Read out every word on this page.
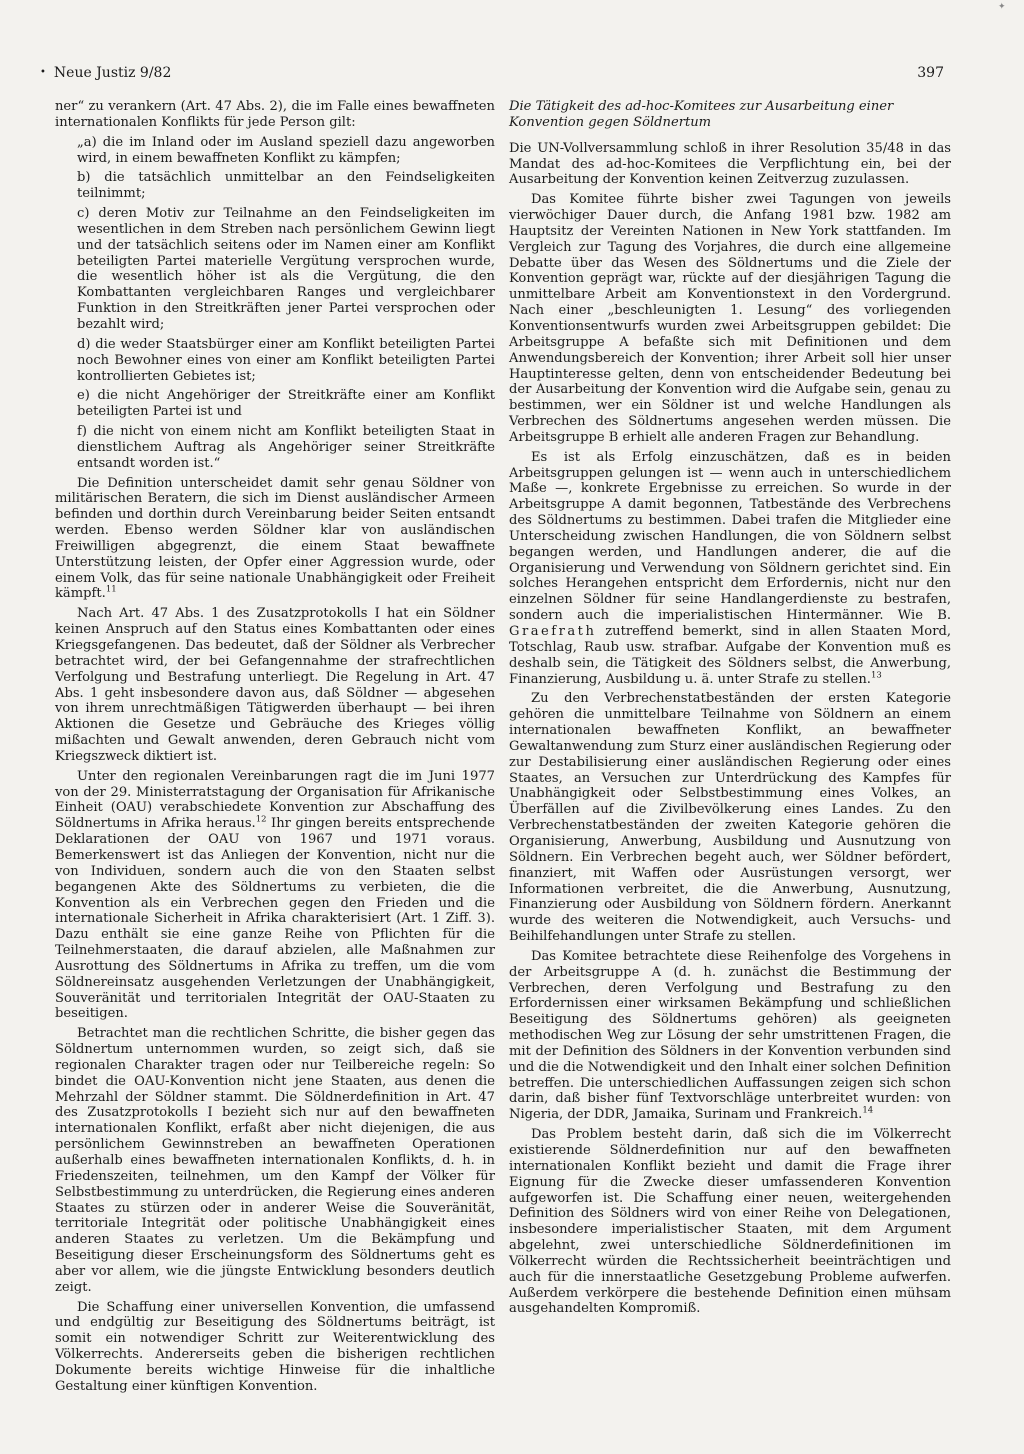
• Neue Justiz 9/82	397

ner“ zu verankern (Art. 47 Abs. 2), die im Falle eines bewaffneten internationalen Konflikts für jede Person gilt:

„a) die im Inland oder im Ausland speziell dazu angeworben wird, in einem bewaffneten Konflikt zu kämpfen;

b) die tatsächlich unmittelbar an den Feindseligkeiten teilnimmt;

c) deren Motiv zur Teilnahme an den Feindseligkeiten im wesentlichen in dem Streben nach persönlichem Gewinn liegt und der tatsächlich seitens oder im Namen einer am Konflikt beteiligten Partei materielle Vergütung versprochen wurde, die wesentlich höher ist als die Vergütung, die den Kombattanten vergleichbaren Ranges und vergleichbarer Funktion in den Streitkräften jener Partei versprochen oder bezahlt wird;

d) die weder Staatsbürger einer am Konflikt beteiligten Partei noch Bewohner eines von einer am Konflikt beteiligten Partei kontrollierten Gebietes ist;

e) die nicht Angehöriger der Streitkräfte einer am Konflikt beteiligten Partei ist und

f) die nicht von einem nicht am Konflikt beteiligten Staat in dienstlichem Auftrag als Angehöriger seiner Streitkräfte entsandt worden ist.“

Die Definition unterscheidet damit sehr genau Söldner von militärischen Beratern, die sich im Dienst ausländischer Armeen befinden und dorthin durch Vereinbarung beider Seiten entsandt werden. Ebenso werden Söldner klar von ausländischen Freiwilligen abgegrenzt, die einem Staat bewaffnete Unterstützung leisten, der Opfer einer Aggression wurde, oder einem Volk, das für seine nationale Unabhängigkeit oder Freiheit kämpft.$^{11}$

Nach Art. 47 Abs. 1 des Zusatzprotokolls I hat ein Söldner keinen Anspruch auf den Status eines Kombattanten oder eines Kriegsgefangenen. Das bedeutet, daß der Söldner als Verbrecher betrachtet wird, der bei Gefangennahme der strafrechtlichen Verfolgung und Bestrafung unterliegt. Die Regelung in Art. 47 Abs. 1 geht insbesondere davon aus, daß Söldner — abgesehen von ihrem unrechtmäßigen Tätigwerden überhaupt — bei ihren Aktionen die Gesetze und Gebräuche des Krieges völlig mißachten und Gewalt anwenden, deren Gebrauch nicht vom Kriegszweck diktiert ist.

Unter den regionalen Vereinbarungen ragt die im Juni 1977 von der 29. Ministerratstagung der Organisation für Afrikanische Einheit (OAU) verabschiedete Konvention zur Abschaffung des Söldnertums in Afrika heraus.$^{12}$ Ihr gingen bereits entsprechende Deklarationen der OAU von 1967 und 1971 voraus. Bemerkenswert ist das Anliegen der Konvention, nicht nur die von Individuen, sondern auch die von den Staaten selbst begangenen Akte des Söldnertums zu verbieten, die die Konvention als ein Verbrechen gegen den Frieden und die internationale Sicherheit in Afrika charakterisiert (Art. 1 Ziff. 3). Dazu enthält sie eine ganze Reihe von Pflichten für die Teilnehmerstaaten, die darauf abzielen, alle Maßnahmen zur Ausrottung des Söldnertums in Afrika zu treffen, um die vom Söldnereinsatz ausgehenden Verletzungen der Unabhängigkeit, Souveränität und territorialen Integrität der OAU-Staaten zu beseitigen.

Betrachtet man die rechtlichen Schritte, die bisher gegen das Söldnertum unternommen wurden, so zeigt sich, daß sie regionalen Charakter tragen oder nur Teilbereiche regeln: So bindet die OAU-Konvention nicht jene Staaten, aus denen die Mehrzahl der Söldner stammt. Die Söldnerdefinition in Art. 47 des Zusatzprotokolls I bezieht sich nur auf den bewaffneten internationalen Konflikt, erfaßt aber nicht diejenigen, die aus persönlichem Gewinnstreben an bewaffneten Operationen außerhalb eines bewaffneten internationalen Konflikts, d. h. in Friedenszeiten, teilnehmen, um den Kampf der Völker für Selbstbestimmung zu unterdrücken, die Regierung eines anderen Staates zu stürzen oder in anderer Weise die Souveränität, territoriale Integrität oder politische Unabhängigkeit eines anderen Staates zu verletzen. Um die Bekämpfung und Beseitigung dieser Erscheinungsform des Söldnertums geht es aber vor allem, wie die jüngste Entwicklung besonders deutlich zeigt.

Die Schaffung einer universellen Konvention, die umfassend und endgültig zur Beseitigung des Söldnertums beiträgt, ist somit ein notwendiger Schritt zur Weiterentwicklung des Völkerrechts. Andererseits geben die bisherigen rechtlichen Dokumente bereits wichtige Hinweise für die inhaltliche Gestaltung einer künftigen Konvention.

Die Tätigkeit des ad-hoc-Komitees zur Ausarbeitung einer Konvention gegen Söldnertum

Die UN-Vollversammlung schloß in ihrer Resolution 35/48 in das Mandat des ad-hoc-Komitees die Verpflichtung ein, bei der Ausarbeitung der Konvention keinen Zeitverzug zuzulassen.

Das Komitee führte bisher zwei Tagungen von jeweils vierwöchiger Dauer durch, die Anfang 1981 bzw. 1982 am Hauptsitz der Vereinten Nationen in New York stattfanden. Im Vergleich zur Tagung des Vorjahres, die durch eine allgemeine Debatte über das Wesen des Söldnertums und die Ziele der Konvention geprägt war, rückte auf der diesjährigen Tagung die unmittelbare Arbeit am Konventionstext in den Vordergrund. Nach einer „beschleunigten 1. Lesung“ des vorliegenden Konventionsentwurfs wurden zwei Arbeitsgruppen gebildet: Die Arbeitsgruppe A befaßte sich mit Definitionen und dem Anwendungsbereich der Konvention; ihrer Arbeit soll hier unser Hauptinteresse gelten, denn von entscheidender Bedeutung bei der Ausarbeitung der Konvention wird die Aufgabe sein, genau zu bestimmen, wer ein Söldner ist und welche Handlungen als Verbrechen des Söldnertums angesehen werden müssen. Die Arbeitsgruppe B erhielt alle anderen Fragen zur Behandlung.

Es ist als Erfolg einzuschätzen, daß es in beiden Arbeitsgruppen gelungen ist — wenn auch in unterschiedlichem Maße —, konkrete Ergebnisse zu erreichen. So wurde in der Arbeitsgruppe A damit begonnen, Tatbestände des Verbrechens des Söldnertums zu bestimmen. Dabei trafen die Mitglieder eine Unterscheidung zwischen Handlungen, die von Söldnern selbst begangen werden, und Handlungen anderer, die auf die Organisierung und Verwendung von Söldnern gerichtet sind. Ein solches Herangehen entspricht dem Erfordernis, nicht nur den einzelnen Söldner für seine Handlangerdienste zu bestrafen, sondern auch die imperialistischen Hintermänner. Wie B. Graefrath zutreffend bemerkt, sind in allen Staaten Mord, Totschlag, Raub usw. strafbar. Aufgabe der Konvention muß es deshalb sein, die Tätigkeit des Söldners selbst, die Anwerbung, Finanzierung, Ausbildung u. ä. unter Strafe zu stellen.$^{13}$

Zu den Verbrechenstatbeständen der ersten Kategorie gehören die unmittelbare Teilnahme von Söldnern an einem internationalen bewaffneten Konflikt, an bewaffneter Gewaltanwendung zum Sturz einer ausländischen Regierung oder zur Destabilisierung einer ausländischen Regierung oder eines Staates, an Versuchen zur Unterdrückung des Kampfes für Unabhängigkeit oder Selbstbestimmung eines Volkes, an Überfällen auf die Zivilbevölkerung eines Landes. Zu den Verbrechenstatbeständen der zweiten Kategorie gehören die Organisierung, Anwerbung, Ausbildung und Ausnutzung von Söldnern. Ein Verbrechen begeht auch, wer Söldner befördert, finanziert, mit Waffen oder Ausrüstungen versorgt, wer Informationen verbreitet, die die Anwerbung, Ausnutzung, Finanzierung oder Ausbildung von Söldnern fördern. Anerkannt wurde des weiteren die Notwendigkeit, auch Versuchs- und Beihilfehandlungen unter Strafe zu stellen.

Das Komitee betrachtete diese Reihenfolge des Vorgehens in der Arbeitsgruppe A (d. h. zunächst die Bestimmung der Verbrechen, deren Verfolgung und Bestrafung zu den Erfordernissen einer wirksamen Bekämpfung und schließlichen Beseitigung des Söldnertums gehören) als geeigneten methodischen Weg zur Lösung der sehr umstrittenen Fragen, die mit der Definition des Söldners in der Konvention verbunden sind und die die Notwendigkeit und den Inhalt einer solchen Definition betreffen. Die unterschiedlichen Auffassungen zeigen sich schon darin, daß bisher fünf Textvorschläge unterbreitet wurden: von Nigeria, der DDR, Jamaika, Surinam und Frankreich.$^{14}$

Das Problem besteht darin, daß sich die im Völkerrecht existierende Söldnerdefinition nur auf den bewaffneten internationalen Konflikt bezieht und damit die Frage ihrer Eignung für die Zwecke dieser umfassenderen Konvention aufgeworfen ist. Die Schaffung einer neuen, weitergehenden Definition des Söldners wird von einer Reihe von Delegationen, insbesondere imperialistischer Staaten, mit dem Argument abgelehnt, zwei unterschiedliche Söldnerdefinitionen im Völkerrecht würden die Rechtssicherheit beeinträchtigen und auch für die innerstaatliche Gesetzgebung Probleme aufwerfen. Außerdem verkörpere die bestehende Definition einen mühsam ausgehandelten Kompromiß.

✦
